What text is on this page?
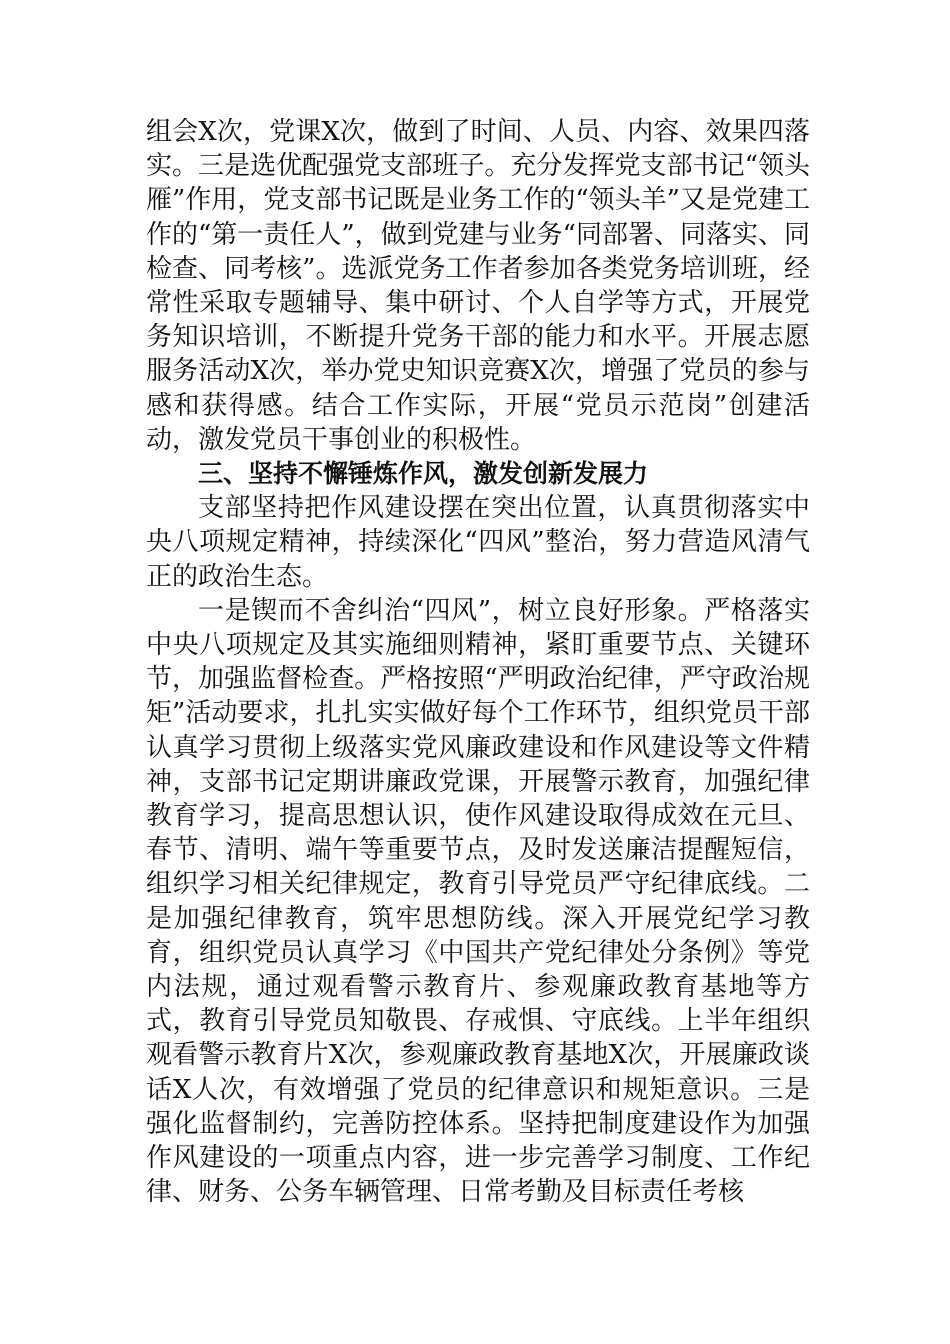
组会X次，党课X次，做到了时间、人员、内容、效果四落实。三是选优配强党支部班子。充分发挥党支部书记“领头雁”作用，党支部书记既是业务工作的“领头羊”又是党建工作的“第一责任人”，做到党建与业务“同部署、同落实、同检查、同考核”。选派党务工作者参加各类党务培训班，经常性采取专题辅导、集中研讨、个人自学等方式，开展党务知识培训，不断提升党务干部的能力和水平。开展志愿服务活动X次，举办党史知识竞赛X次，增强了党员的参与感和获得感。结合工作实际，开展“党员示范岗”创建活动，激发党员干事创业的积极性。

三、坚持不懈锤炼作风，激发创新发展力

支部坚持把作风建设摆在突出位置，认真贯彻落实中央八项规定精神，持续深化“四风”整治，努力营造风清气正的政治生态。

一是锲而不舍纠治“四风”，树立良好形象。严格落实中央八项规定及其实施细则精神，紧盯重要节点、关键环节，加强监督检查。严格按照“严明政治纪律，严守政治规矩”活动要求，扎扎实实做好每个工作环节，组织党员干部认真学习贯彻上级落实党风廉政建设和作风建设等文件精神，支部书记定期讲廉政党课，开展警示教育，加强纪律教育学习，提高思想认识，使作风建设取得成效在元旦、春节、清明、端午等重要节点，及时发送廉洁提醒短信，组织学习相关纪律规定，教育引导党员严守纪律底线。二是加强纪律教育，筑牢思想防线。深入开展党纪学习教育，组织党员认真学习《中国共产党纪律处分条例》等党内法规，通过观看警示教育片、参观廉政教育基地等方式，教育引导党员知敬畏、存戒惧、守底线。上半年组织观看警示教育片X次，参观廉政教育基地X次，开展廉政谈话X人次，有效增强了党员的纪律意识和规矩意识。三是强化监督制约，完善防控体系。坚持把制度建设作为加强作风建设的一项重点内容，进一步完善学习制度、工作纪律、财务、公务车辆管理、日常考勤及目标责任考核
